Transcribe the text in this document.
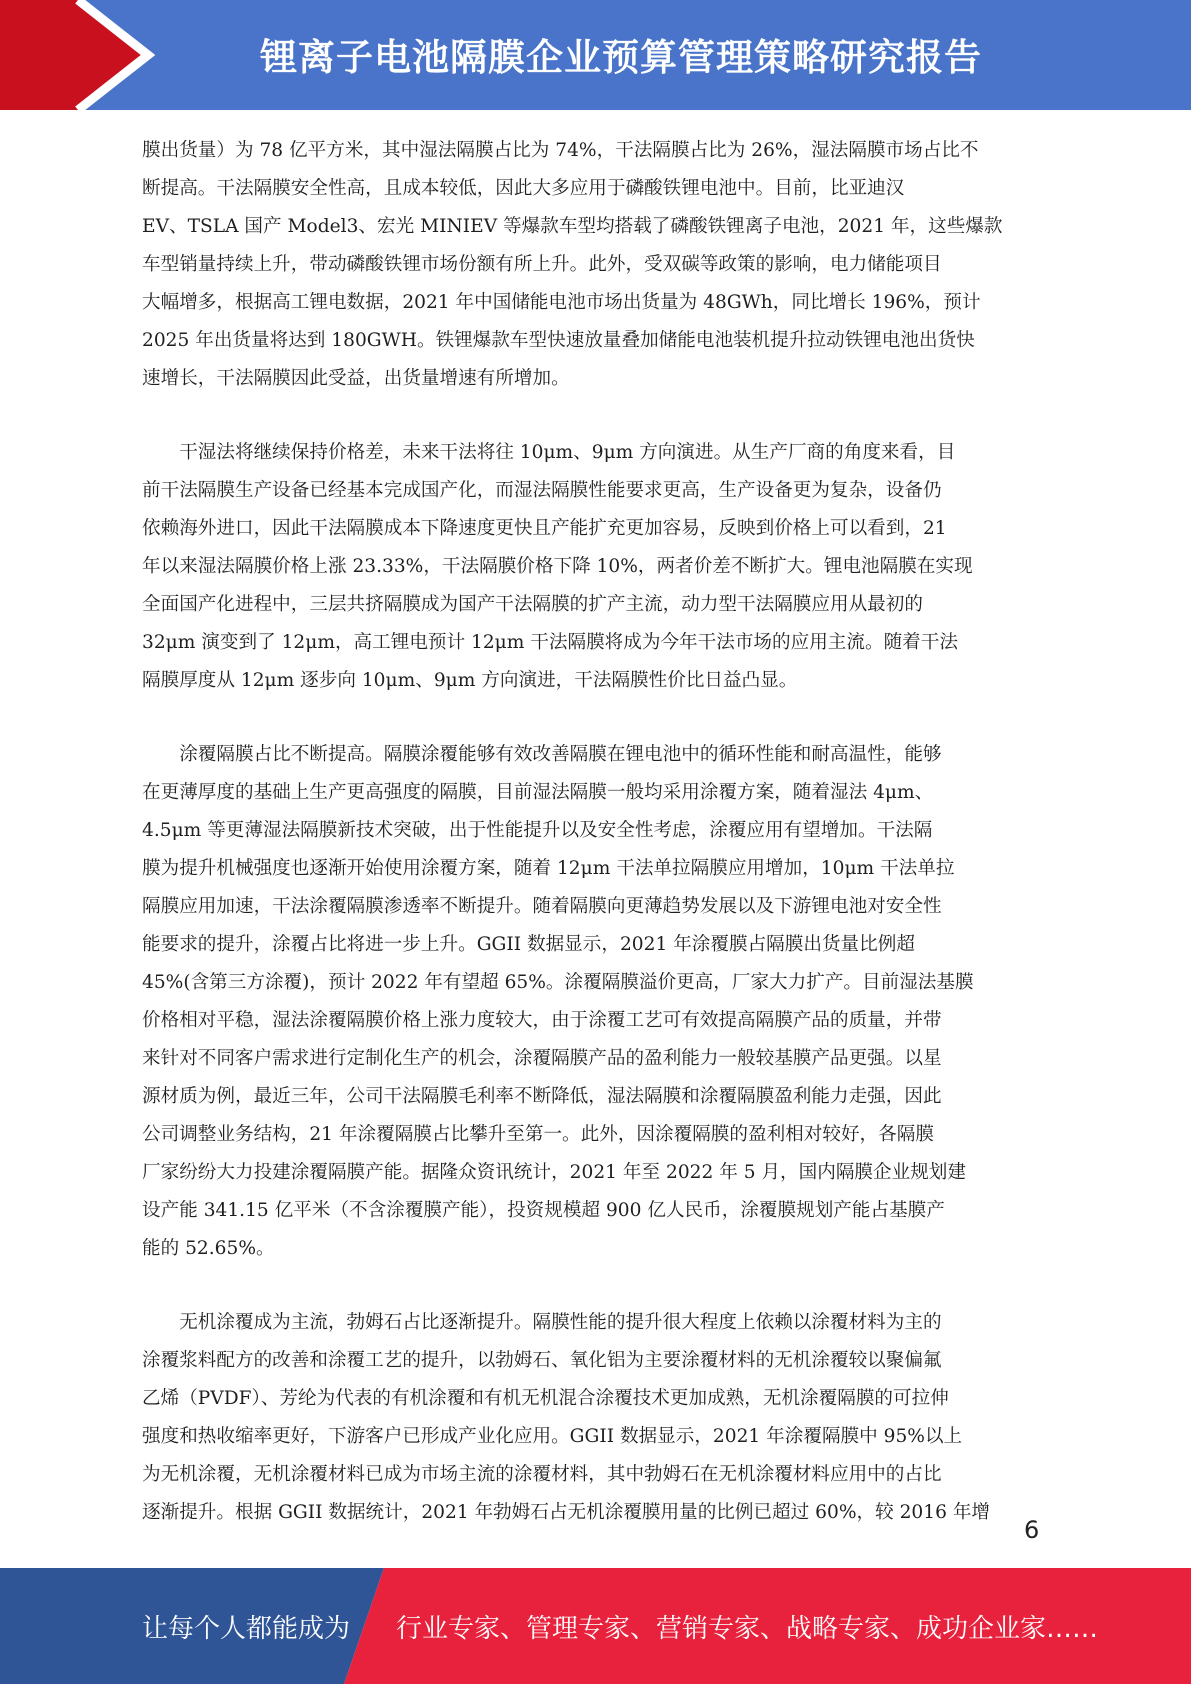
锂离子电池隔膜企业预算管理策略研究报告

膜出货量）为 78 亿平方米，其中湿法隔膜占比为 74%，干法隔膜占比为 26%，湿法隔膜市场占比不
断提高。干法隔膜安全性高，且成本较低，因此大多应用于磷酸铁锂电池中。目前，比亚迪汉
EV、TSLA 国产 Model3、宏光 MINIEV 等爆款车型均搭载了磷酸铁锂离子电池，2021 年，这些爆款
车型销量持续上升，带动磷酸铁锂市场份额有所上升。此外，受双碳等政策的影响，电力储能项目
大幅增多，根据高工锂电数据，2021 年中国储能电池市场出货量为 48GWh，同比增长 196%，预计
2025 年出货量将达到 180GWH。铁锂爆款车型快速放量叠加储能电池装机提升拉动铁锂电池出货快
速增长，干法隔膜因此受益，出货量增速有所增加。

干湿法将继续保持价格差，未来干法将往 10μm、9μm 方向演进。从生产厂商的角度来看，目
前干法隔膜生产设备已经基本完成国产化，而湿法隔膜性能要求更高，生产设备更为复杂，设备仍
依赖海外进口，因此干法隔膜成本下降速度更快且产能扩充更加容易，反映到价格上可以看到，21
年以来湿法隔膜价格上涨 23.33%，干法隔膜价格下降 10%，两者价差不断扩大。锂电池隔膜在实现
全面国产化进程中，三层共挤隔膜成为国产干法隔膜的扩产主流，动力型干法隔膜应用从最初的
32μm 演变到了 12μm，高工锂电预计 12μm 干法隔膜将成为今年干法市场的应用主流。随着干法
隔膜厚度从 12μm 逐步向 10μm、9μm 方向演进，干法隔膜性价比日益凸显。

涂覆隔膜占比不断提高。隔膜涂覆能够有效改善隔膜在锂电池中的循环性能和耐高温性，能够
在更薄厚度的基础上生产更高强度的隔膜，目前湿法隔膜一般均采用涂覆方案，随着湿法 4μm、
4.5μm 等更薄湿法隔膜新技术突破，出于性能提升以及安全性考虑，涂覆应用有望增加。干法隔
膜为提升机械强度也逐渐开始使用涂覆方案，随着 12μm 干法单拉隔膜应用增加，10μm 干法单拉
隔膜应用加速，干法涂覆隔膜渗透率不断提升。随着隔膜向更薄趋势发展以及下游锂电池对安全性
能要求的提升，涂覆占比将进一步上升。GGII 数据显示，2021 年涂覆膜占隔膜出货量比例超
45%(含第三方涂覆)，预计 2022 年有望超 65%。涂覆隔膜溢价更高，厂家大力扩产。目前湿法基膜
价格相对平稳，湿法涂覆隔膜价格上涨力度较大，由于涂覆工艺可有效提高隔膜产品的质量，并带
来针对不同客户需求进行定制化生产的机会，涂覆隔膜产品的盈利能力一般较基膜产品更强。以星
源材质为例，最近三年，公司干法隔膜毛利率不断降低，湿法隔膜和涂覆隔膜盈利能力走强，因此
公司调整业务结构，21 年涂覆隔膜占比攀升至第一。此外，因涂覆隔膜的盈利相对较好，各隔膜
厂家纷纷大力投建涂覆隔膜产能。据隆众资讯统计，2021 年至 2022 年 5 月，国内隔膜企业规划建
设产能 341.15 亿平米（不含涂覆膜产能），投资规模超 900 亿人民币，涂覆膜规划产能占基膜产
能的 52.65%。

无机涂覆成为主流，勃姆石占比逐渐提升。隔膜性能的提升很大程度上依赖以涂覆材料为主的
涂覆浆料配方的改善和涂覆工艺的提升，以勃姆石、氧化铝为主要涂覆材料的无机涂覆较以聚偏氟
乙烯（PVDF）、芳纶为代表的有机涂覆和有机无机混合涂覆技术更加成熟，无机涂覆隔膜的可拉伸
强度和热收缩率更好，下游客户已形成产业化应用。GGII 数据显示，2021 年涂覆隔膜中 95%以上
为无机涂覆，无机涂覆材料已成为市场主流的涂覆材料，其中勃姆石在无机涂覆材料应用中的占比
逐渐提升。根据 GGII 数据统计，2021 年勃姆石占无机涂覆膜用量的比例已超过 60%，较 2016 年增

6
让每个人都能成为 行业专家、管理专家、营销专家、战略专家、成功企业家……
